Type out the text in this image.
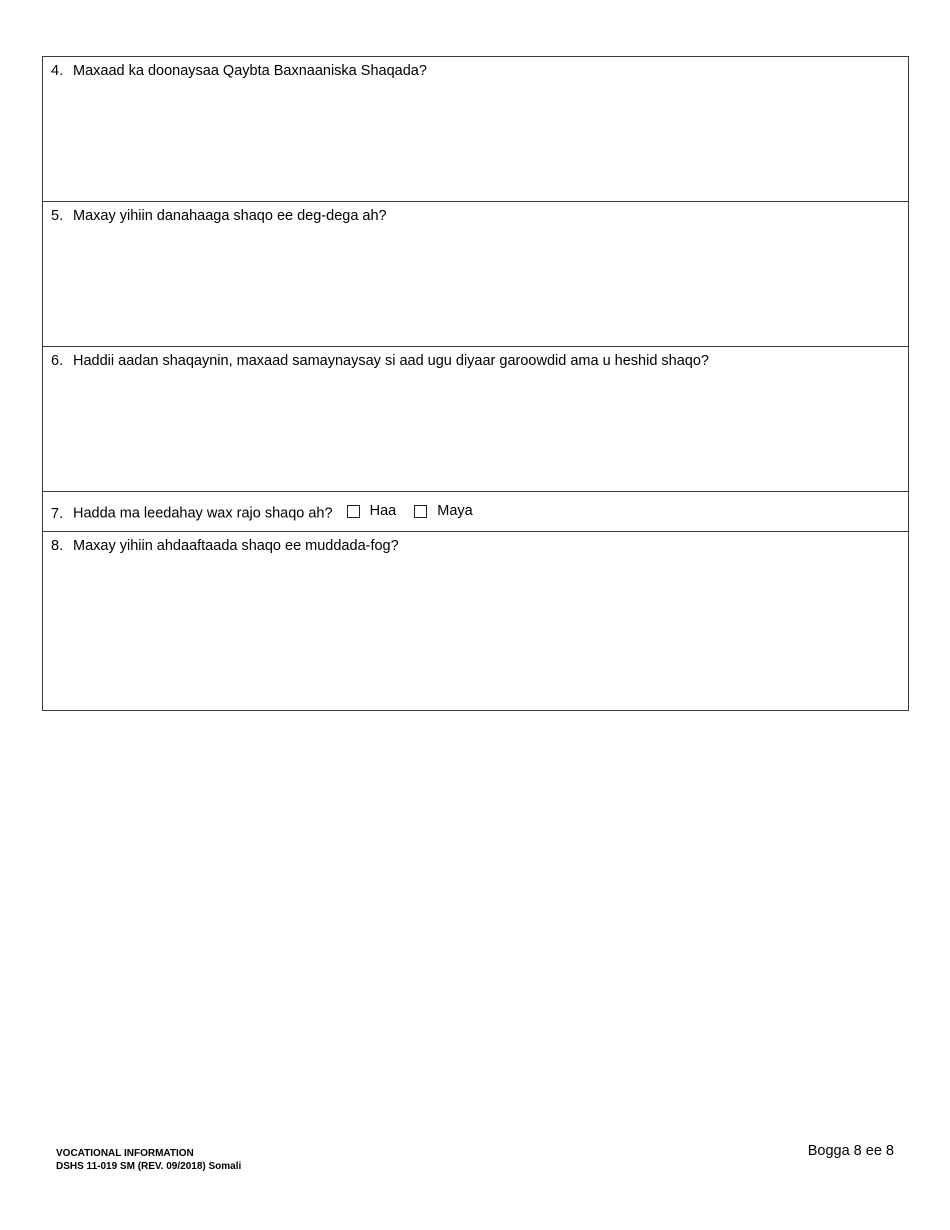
4. Maxaad ka doonaysaa Qaybta Baxnaaniska Shaqada?
5. Maxay yihiin danahaaga shaqo ee deg-dega ah?
6. Haddii aadan shaqaynin, maxaad samaynaysay si aad ugu diyaar garoowdid ama u heshid shaqo?
7. Hadda ma leedahay wax rajo shaqo ah?	Haa
	Maya
8. Maxay yihiin ahdaaftaada shaqo ee muddada-fog?
VOCATIONAL INFORMATION
DSHS 11-019 SM (REV. 09/2018) Somali
Bogga 8 ee 8
